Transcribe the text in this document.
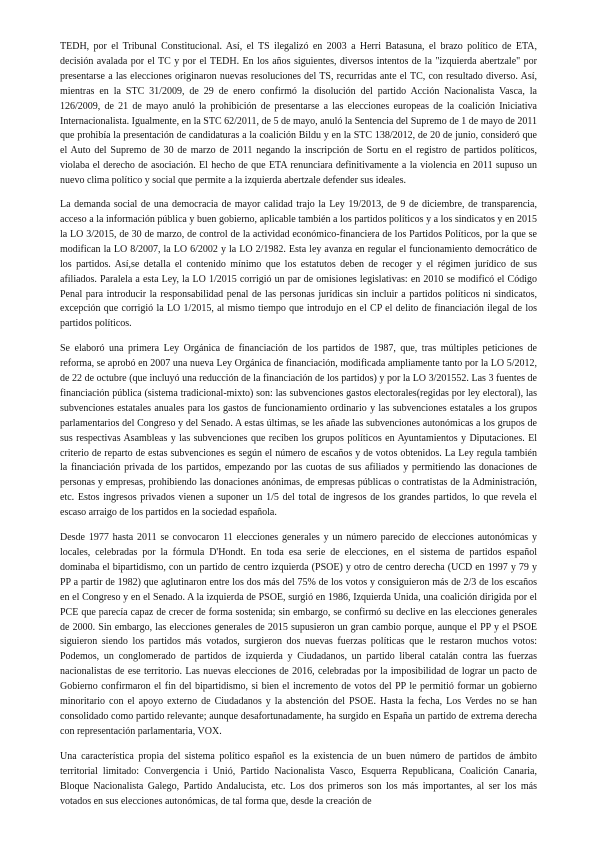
TEDH, por el Tribunal Constitucional. Así, el TS ilegalizó en 2003 a Herri Batasuna, el brazo político de ETA, decisión avalada por el TC y por el TEDH. En los años siguientes, diversos intentos de la "izquierda abertzale" por presentarse a las elecciones originaron nuevas resoluciones del TS, recurridas ante el TC, con resultado diverso. Así, mientras en la STC 31/2009, de 29 de enero confirmó la disolución del partido Acción Nacionalista Vasca, la 126/2009, de 21 de mayo anuló la prohibición de presentarse a las elecciones europeas de la coalición Iniciativa Internacionalista. Igualmente, en la STC 62/2011, de 5 de mayo, anuló la Sentencia del Supremo de 1 de mayo de 2011 que prohibía la presentación de candidaturas a la coalición Bildu y en la STC 138/2012, de 20 de junio, consideró que el Auto del Supremo de 30 de marzo de 2011 negando la inscripción de Sortu en el registro de partidos políticos, violaba el derecho de asociación. El hecho de que ETA renunciara definitivamente a la violencia en 2011 supuso un nuevo clima político y social que permite a la izquierda abertzale defender sus ideales.

La demanda social de una democracia de mayor calidad trajo la Ley 19/2013, de 9 de diciembre, de transparencia, acceso a la información pública y buen gobierno, aplicable también a los partidos políticos y a los sindicatos y en 2015 la LO 3/2015, de 30 de marzo, de control de la actividad económico-financiera de los Partidos Políticos, por la que se modifican la LO 8/2007, la LO 6/2002 y la LO 2/1982. Esta ley avanza en regular el funcionamiento democrático de los partidos. Así,se detalla el contenido mínimo que los estatutos deben de recoger y el régimen jurídico de sus afiliados. Paralela a esta Ley, la LO 1/2015 corrigió un par de omisiones legislativas: en 2010 se modificó el Código Penal para introducir la responsabilidad penal de las personas jurídicas sin incluir a partidos políticos ni sindicatos, excepción que corrigió la LO 1/2015, al mismo tiempo que introdujo en el CP el delito de financiación ilegal de los partidos políticos.

Se elaboró una primera Ley Orgánica de financiación de los partidos de 1987, que, tras múltiples peticiones de reforma, se aprobó en 2007 una nueva Ley Orgánica de financiación, modificada ampliamente tanto por la LO 5/2012, de 22 de octubre (que incluyó una reducción de la financiación de los partidos) y por la LO 3/201552. Las 3 fuentes de financiación pública (sistema tradicional-mixto) son: las subvenciones gastos electorales(regidas por ley electoral), las subvenciones estatales anuales para los gastos de funcionamiento ordinario y las subvenciones estatales a los grupos parlamentarios del Congreso y del Senado. A estas últimas, se les añade las subvenciones autonómicas a los grupos de sus respectivas Asambleas y las subvenciones que reciben los grupos políticos en Ayuntamientos y Diputaciones. El criterio de reparto de estas subvenciones es según el número de escaños y de votos obtenidos. La Ley regula también la financiación privada de los partidos, empezando por las cuotas de sus afiliados y permitiendo las donaciones de personas y empresas, prohibiendo las donaciones anónimas, de empresas públicas o contratistas de la Administración, etc. Estos ingresos privados vienen a suponer un 1/5 del total de ingresos de los grandes partidos, lo que revela el escaso arraigo de los partidos en la sociedad española.

Desde 1977 hasta 2011 se convocaron 11 elecciones generales y un número parecido de elecciones autonómicas y locales, celebradas por la fórmula D'Hondt. En toda esa serie de elecciones, en el sistema de partidos español dominaba el bipartidismo, con un partido de centro izquierda (PSOE) y otro de centro derecha (UCD en 1997 y 79 y PP a partir de 1982) que aglutinaron entre los dos más del 75% de los votos y consiguieron más de 2/3 de los escaños en el Congreso y en el Senado. A la izquierda de PSOE, surgió en 1986, Izquierda Unida, una coalición dirigida por el PCE que parecía capaz de crecer de forma sostenida; sin embargo, se confirmó su declive en las elecciones generales de 2000. Sin embargo, las elecciones generales de 2015 supusieron un gran cambio porque, aunque el PP y el PSOE siguieron siendo los partidos más votados, surgieron dos nuevas fuerzas políticas que le restaron muchos votos: Podemos, un conglomerado de partidos de izquierda y Ciudadanos, un partido liberal catalán contra las fuerzas nacionalistas de ese territorio. Las nuevas elecciones de 2016, celebradas por la imposibilidad de lograr un pacto de Gobierno confirmaron el fin del bipartidismo, si bien el incremento de votos del PP le permitió formar un gobierno minoritario con el apoyo externo de Ciudadanos y la abstención del PSOE. Hasta la fecha, Los Verdes no se han consolidado como partido relevante; aunque desafortunadamente, ha surgido en España un partido de extrema derecha con representación parlamentaria, VOX.

Una característica propia del sistema político español es la existencia de un buen número de partidos de ámbito territorial limitado: Convergencia i Unió, Partido Nacionalista Vasco, Esquerra Republicana, Coalición Canaria, Bloque Nacionalista Galego, Partido Andalucista, etc. Los dos primeros son los más importantes, al ser los más votados en sus elecciones autonómicas, de tal forma que, desde la creación de
